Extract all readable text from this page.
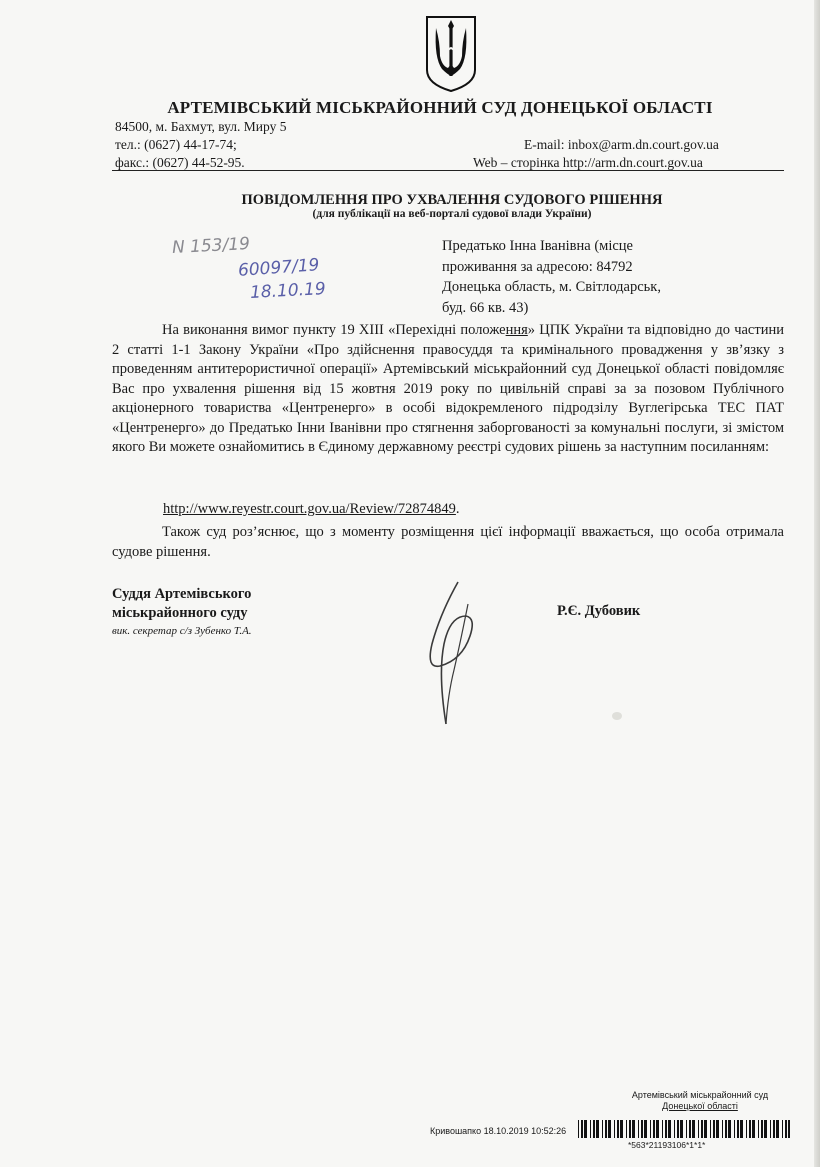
АРТЕМІВСЬКИЙ МІСЬКРАЙОННИЙ СУД ДОНЕЦЬКОЇ ОБЛАСТІ
84500, м. Бахмут, вул. Миру 5
тел.: (0627) 44-17-74;
факс.: (0627) 44-52-95.
E-mail: inbox@arm.dn.court.gov.ua
Web – сторінка http://arm.dn.court.gov.ua
ПОВІДОМЛЕННЯ ПРО УХВАЛЕННЯ СУДОВОГО РІШЕННЯ
(для публікації на веб-порталі судової влади України)
N 153/19
60097/19
18.10.19
Предатько Інна Іванівна (місце
проживання за адресою: 84792
Донецька область, м. Світлодарськ,
буд. 66 кв. 43)
На виконання вимог пункту 19 XIII «Перехідні положення» ЦПК України та відповідно до частини 2 статті 1-1 Закону України «Про здійснення правосуддя та кримінального провадження у зв’язку з проведенням антитерористичної операції» Артемівський міськрайонний суд Донецької області повідомляє Вас про ухвалення рішення від 15 жовтня 2019 року по цивільній справі за за позовом Публічного акціонерного товариства «Центренерго» в особі відокремленого підродзілу Вуглегірська ТЕС ПАТ «Центренерго» до Предатько Інни Іванівни про стягнення заборгованості за комунальні послуги, зі змістом якого Ви можете ознайомитись в Єдиному державному реєстрі судових рішень за наступним посиланням:
http://www.reyestr.court.gov.ua/Review/72874849.
Також суд роз’яснює, що з моменту розміщення цієї інформації вважається, що особа отримала судове рішення.
Суддя Артемівського
міськрайонного суду
вик. секретар с/з Зубенко Т.А.
Р.Є. Дубовик
Артемівський міськрайонний суд
Донецької області
Кривошапко 18.10.2019 10:52:26
*563*21193106*1*1*
